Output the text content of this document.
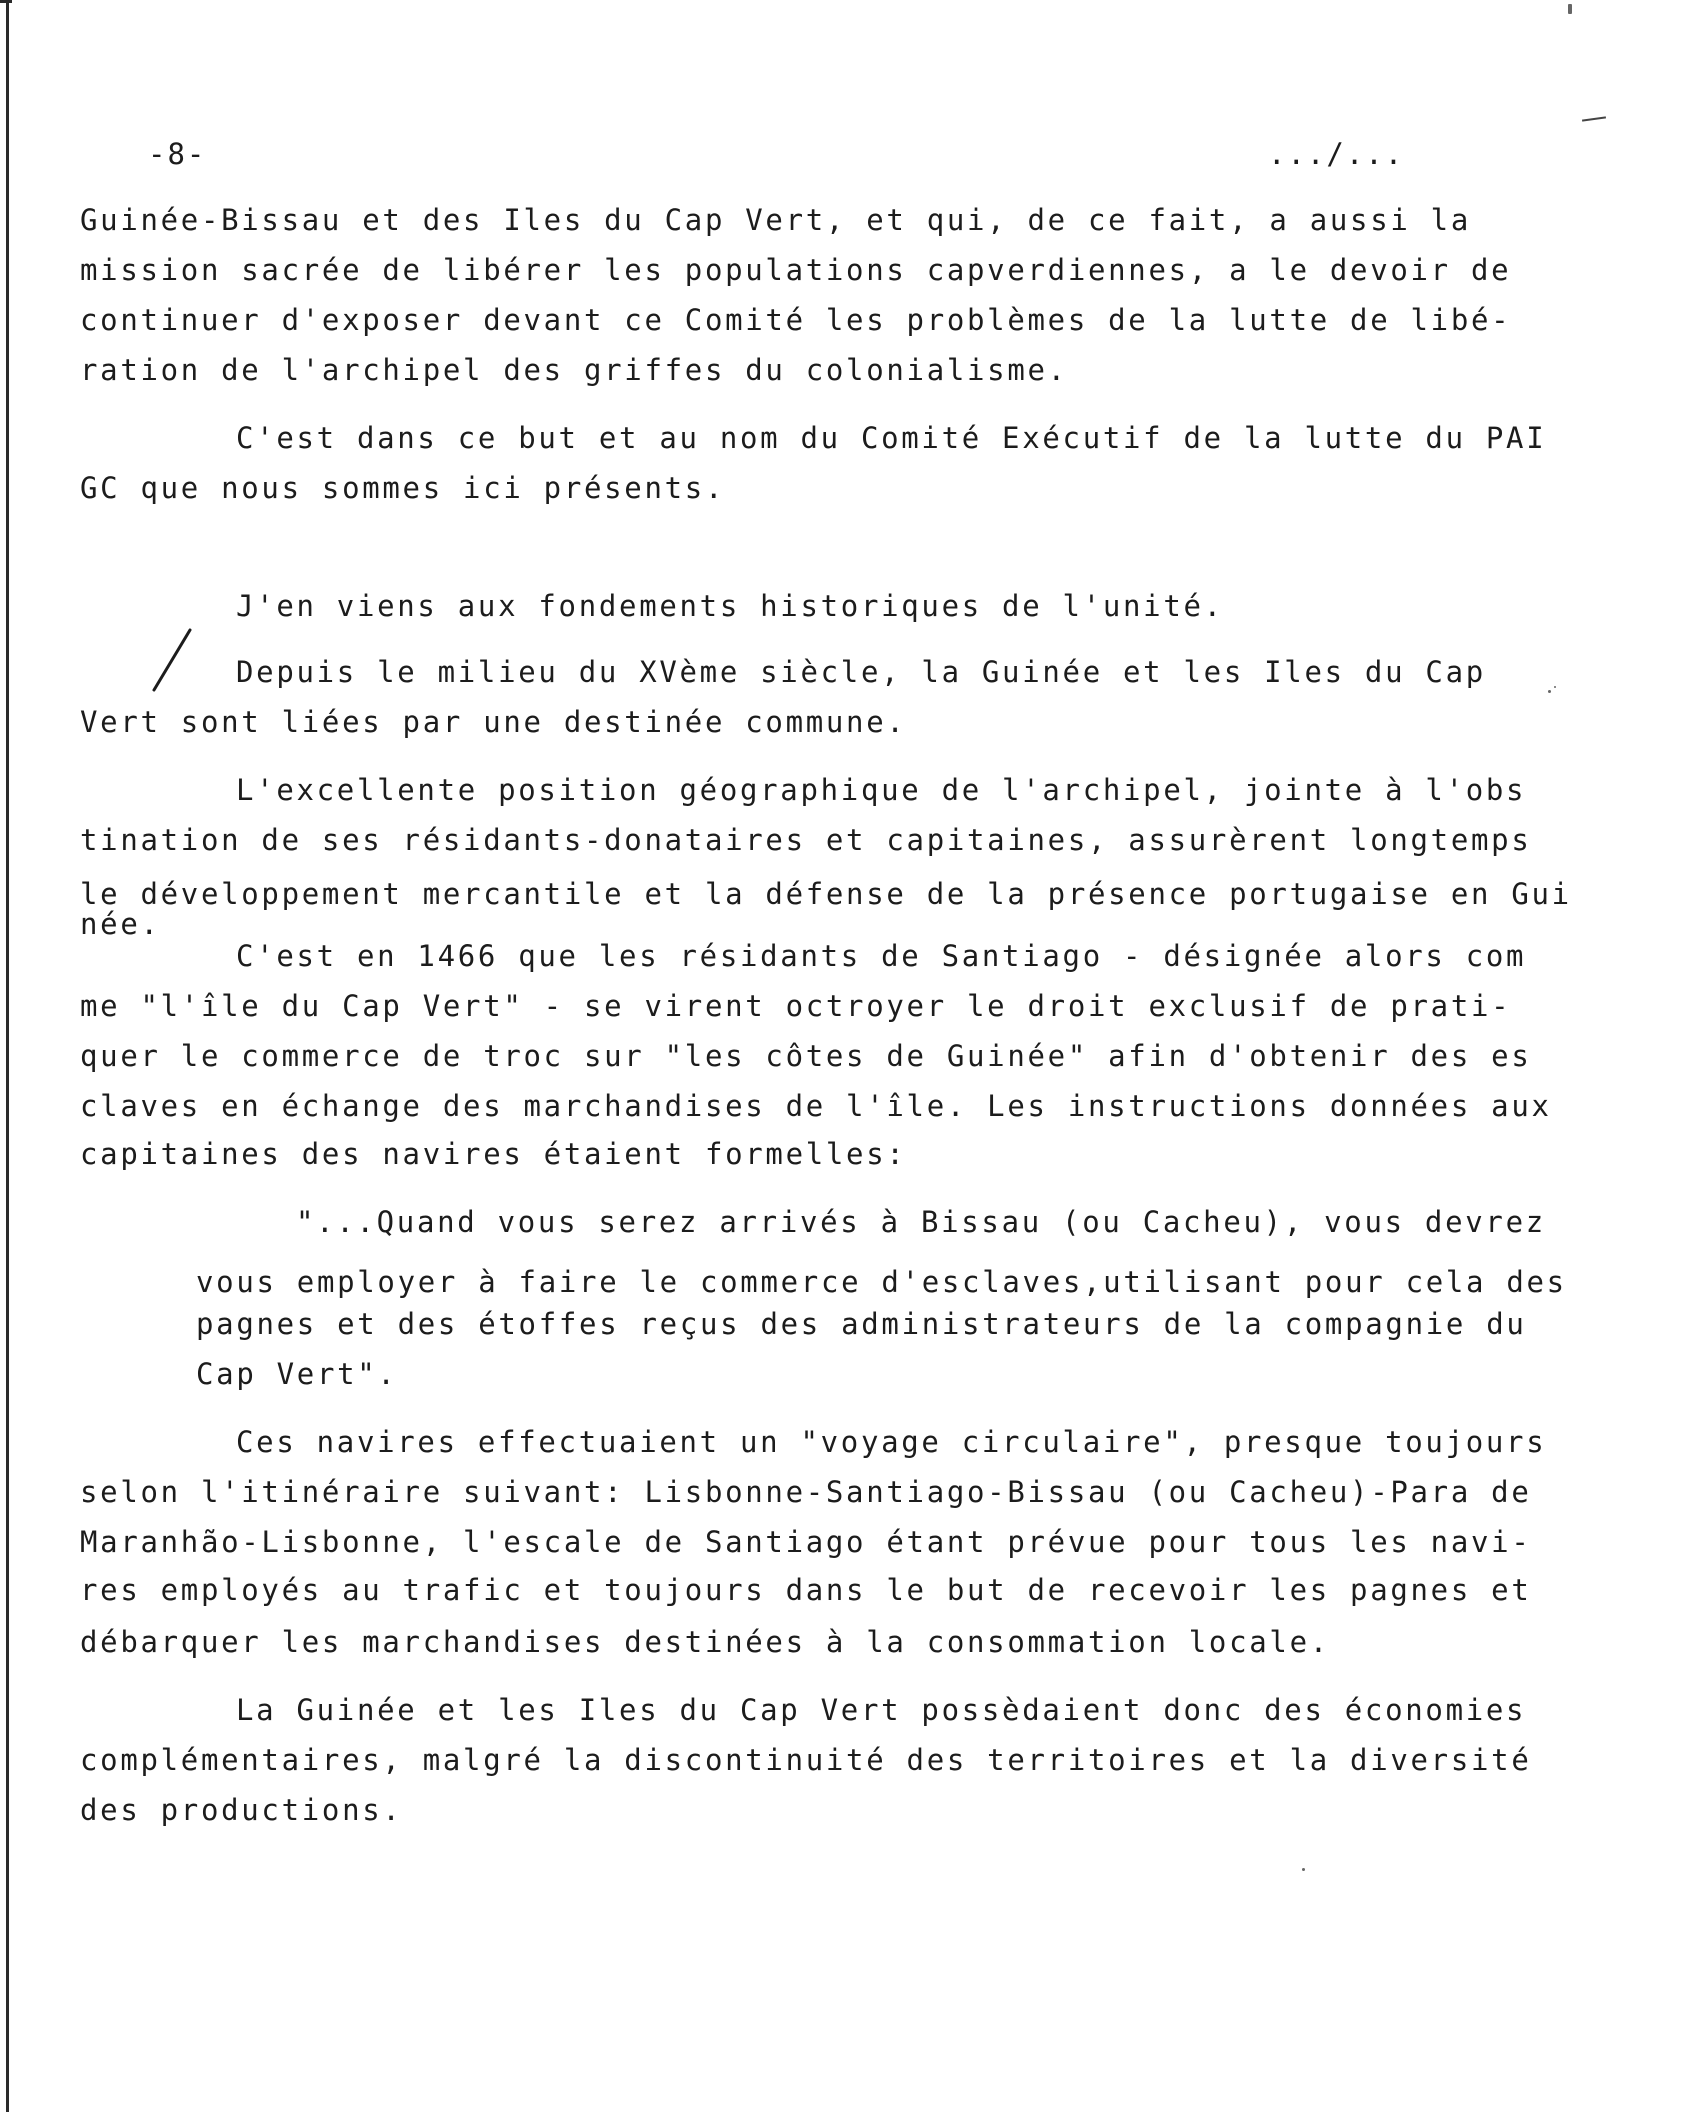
-8-	.../...
Guinée-Bissau et des Iles du Cap Vert, et qui, de ce fait, a aussi la
mission sacrée de libérer les populations capverdiennes, a le devoir de
continuer d'exposer devant ce Comité les problèmes de la lutte de libé-
ration de l'archipel des griffes du colonialisme.
C'est dans ce but et au nom du Comité Exécutif de la lutte du PAI
GC que nous sommes ici présents.
J'en viens aux fondements historiques de l'unité.
Depuis le milieu du XVème siècle, la Guinée et les Iles du Cap
Vert sont liées par une destinée commune.
L'excellente position géographique de l'archipel, jointe à l'obs
tination de ses résidants-donataires et capitaines, assurèrent longtemps
le développement mercantile et la défense de la présence portugaise en Gui
née.
C'est en 1466 que les résidants de Santiago - désignée alors com
me "l'île du Cap Vert" - se virent octroyer le droit exclusif de prati-
quer le commerce de troc sur "les côtes de Guinée" afin d'obtenir des es
claves en échange des marchandises de l'île. Les instructions données aux
capitaines des navires étaient formelles:
"...Quand vous serez arrivés à Bissau (ou Cacheu), vous devrez
vous employer à faire le commerce d'esclaves,utilisant pour cela des
pagnes et des étoffes reçus des administrateurs de la compagnie du
Cap Vert".
Ces navires effectuaient un "voyage circulaire", presque toujours
selon l'itinéraire suivant: Lisbonne-Santiago-Bissau (ou Cacheu)-Para de
Maranhão-Lisbonne, l'escale de Santiago étant prévue pour tous les navi-
res employés au trafic et toujours dans le but de recevoir les pagnes et
débarquer les marchandises destinées à la consommation locale.
La Guinée et les Iles du Cap Vert possèdaient donc des économies
complémentaires, malgré la discontinuité des territoires et la diversité
des productions.
